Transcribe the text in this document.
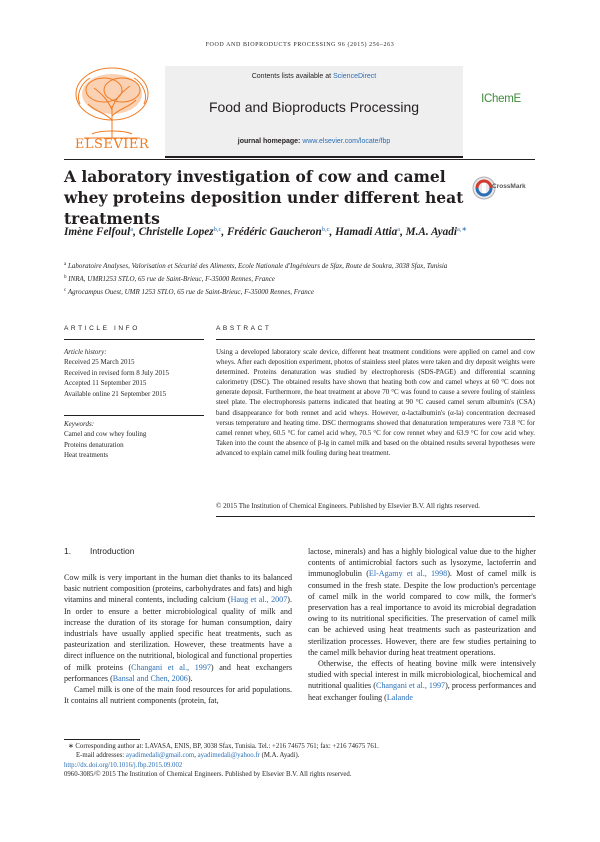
FOOD AND BIOPRODUCTS PROCESSING 96 (2015) 256–263
ELSEVIER
Contents lists available at ScienceDirect
Food and Bioproducts Processing
journal homepage: www.elsevier.com/locate/fbp
IChemE
A laboratory investigation of cow and camel whey proteins deposition under different heat treatments
CrossMark
Imène Felfoul$^a$, Christelle Lopez$^{b,c}$, Frédéric Gaucheron$^{b,c}$, Hamadi Attia$^a$, M.A. Ayadi$^{a,∗}$
$^a$ Laboratoire Analyses, Valorisation et Sécurité des Aliments, Ecole Nationale d'Ingénieurs de Sfax, Route de Soukra, 3038 Sfax, Tunisia
$^b$ INRA, UMR1253 STLO, 65 rue de Saint-Brieuc, F-35000 Rennes, France
$^c$ Agrocampus Ouest, UMR 1253 STLO, 65 rue de Saint-Brieuc, F-35000 Rennes, France
ARTICLE INFO	ABSTRACT
Article history:
Received 25 March 2015
Received in revised form 8 July 2015
Accepted 11 September 2015
Available online 21 September 2015
Keywords:
Camel and cow whey fouling
Proteins denaturation
Heat treatments
Using a developed laboratory scale device, different heat treatment conditions were applied on camel and cow wheys. After each deposition experiment, photos of stainless steel plates were taken and dry deposit weights were determined. Proteins denaturation was studied by electrophoresis (SDS-PAGE) and differential scanning calorimetry (DSC). The obtained results have shown that heating both cow and camel wheys at 60 °C does not generate deposit. Furthermore, the heat treatment at above 70 °C was found to cause a severe fouling of stainless steel plate. The electrophoresis patterns indicated that heating at 90 °C caused camel serum albumin's (CSA) band disappearance for both rennet and acid wheys. However, α-lactalbumin's (α-la) concentration decreased versus temperature and heating time. DSC thermograms showed that denaturation temperatures were 73.8 °C for camel rennet whey, 60.5 °C for camel acid whey, 70.5 °C for cow rennet whey and 63.9 °C for cow acid whey. Taken into the count the absence of β-lg in camel milk and based on the obtained results several hypotheses were advanced to explain camel milk fouling during heat treatment.
© 2015 The Institution of Chemical Engineers. Published by Elsevier B.V. All rights reserved.
1. Introduction

Cow milk is very important in the human diet thanks to its balanced basic nutrient composition (proteins, carbohydrates and fats) and high vitamins and mineral contents, including calcium (Haug et al., 2007). In order to ensure a better microbiological quality of milk and increase the duration of its storage for human consumption, dairy industrials have usually applied specific heat treatments, such as pasteurization and sterilization. However, these treatments have a direct influence on the nutritional, biological and functional properties of milk proteins (Changani et al., 1997) and heat exchangers performances (Bansal and Chen, 2006).

Camel milk is one of the main food resources for arid populations. It contains all nutrient components (protein, fat,

lactose, minerals) and has a highly biological value due to the higher contents of antimicrobial factors such as lysozyme, lactoferrin and immunoglobulin (El-Agamy et al., 1998). Most of camel milk is consumed in the fresh state. Despite the low production's percentage of camel milk in the world compared to cow milk, the former's preservation has a real importance to avoid its microbial degradation owing to its nutritional specificities. The preservation of camel milk can be achieved using heat treatments such as pasteurization and sterilization processes. However, there are few studies pertaining to the camel milk behavior during heat treatment operations.

Otherwise, the effects of heating bovine milk were intensively studied with special interest in milk microbiological, biochemical and nutritional qualities (Changani et al., 1997), process performances and heat exchanger fouling (Lalande

∗ Corresponding author at: LAVASA, ENIS, BP, 3038 Sfax, Tunisia. Tel.: +216 74675 761; fax: +216 74675 761.
E-mail addresses: ayadimedali@gmail.com, ayadimedali@yahoo.fr (M.A. Ayadi).
http://dx.doi.org/10.1016/j.fbp.2015.09.002
0960-3085/© 2015 The Institution of Chemical Engineers. Published by Elsevier B.V. All rights reserved.
